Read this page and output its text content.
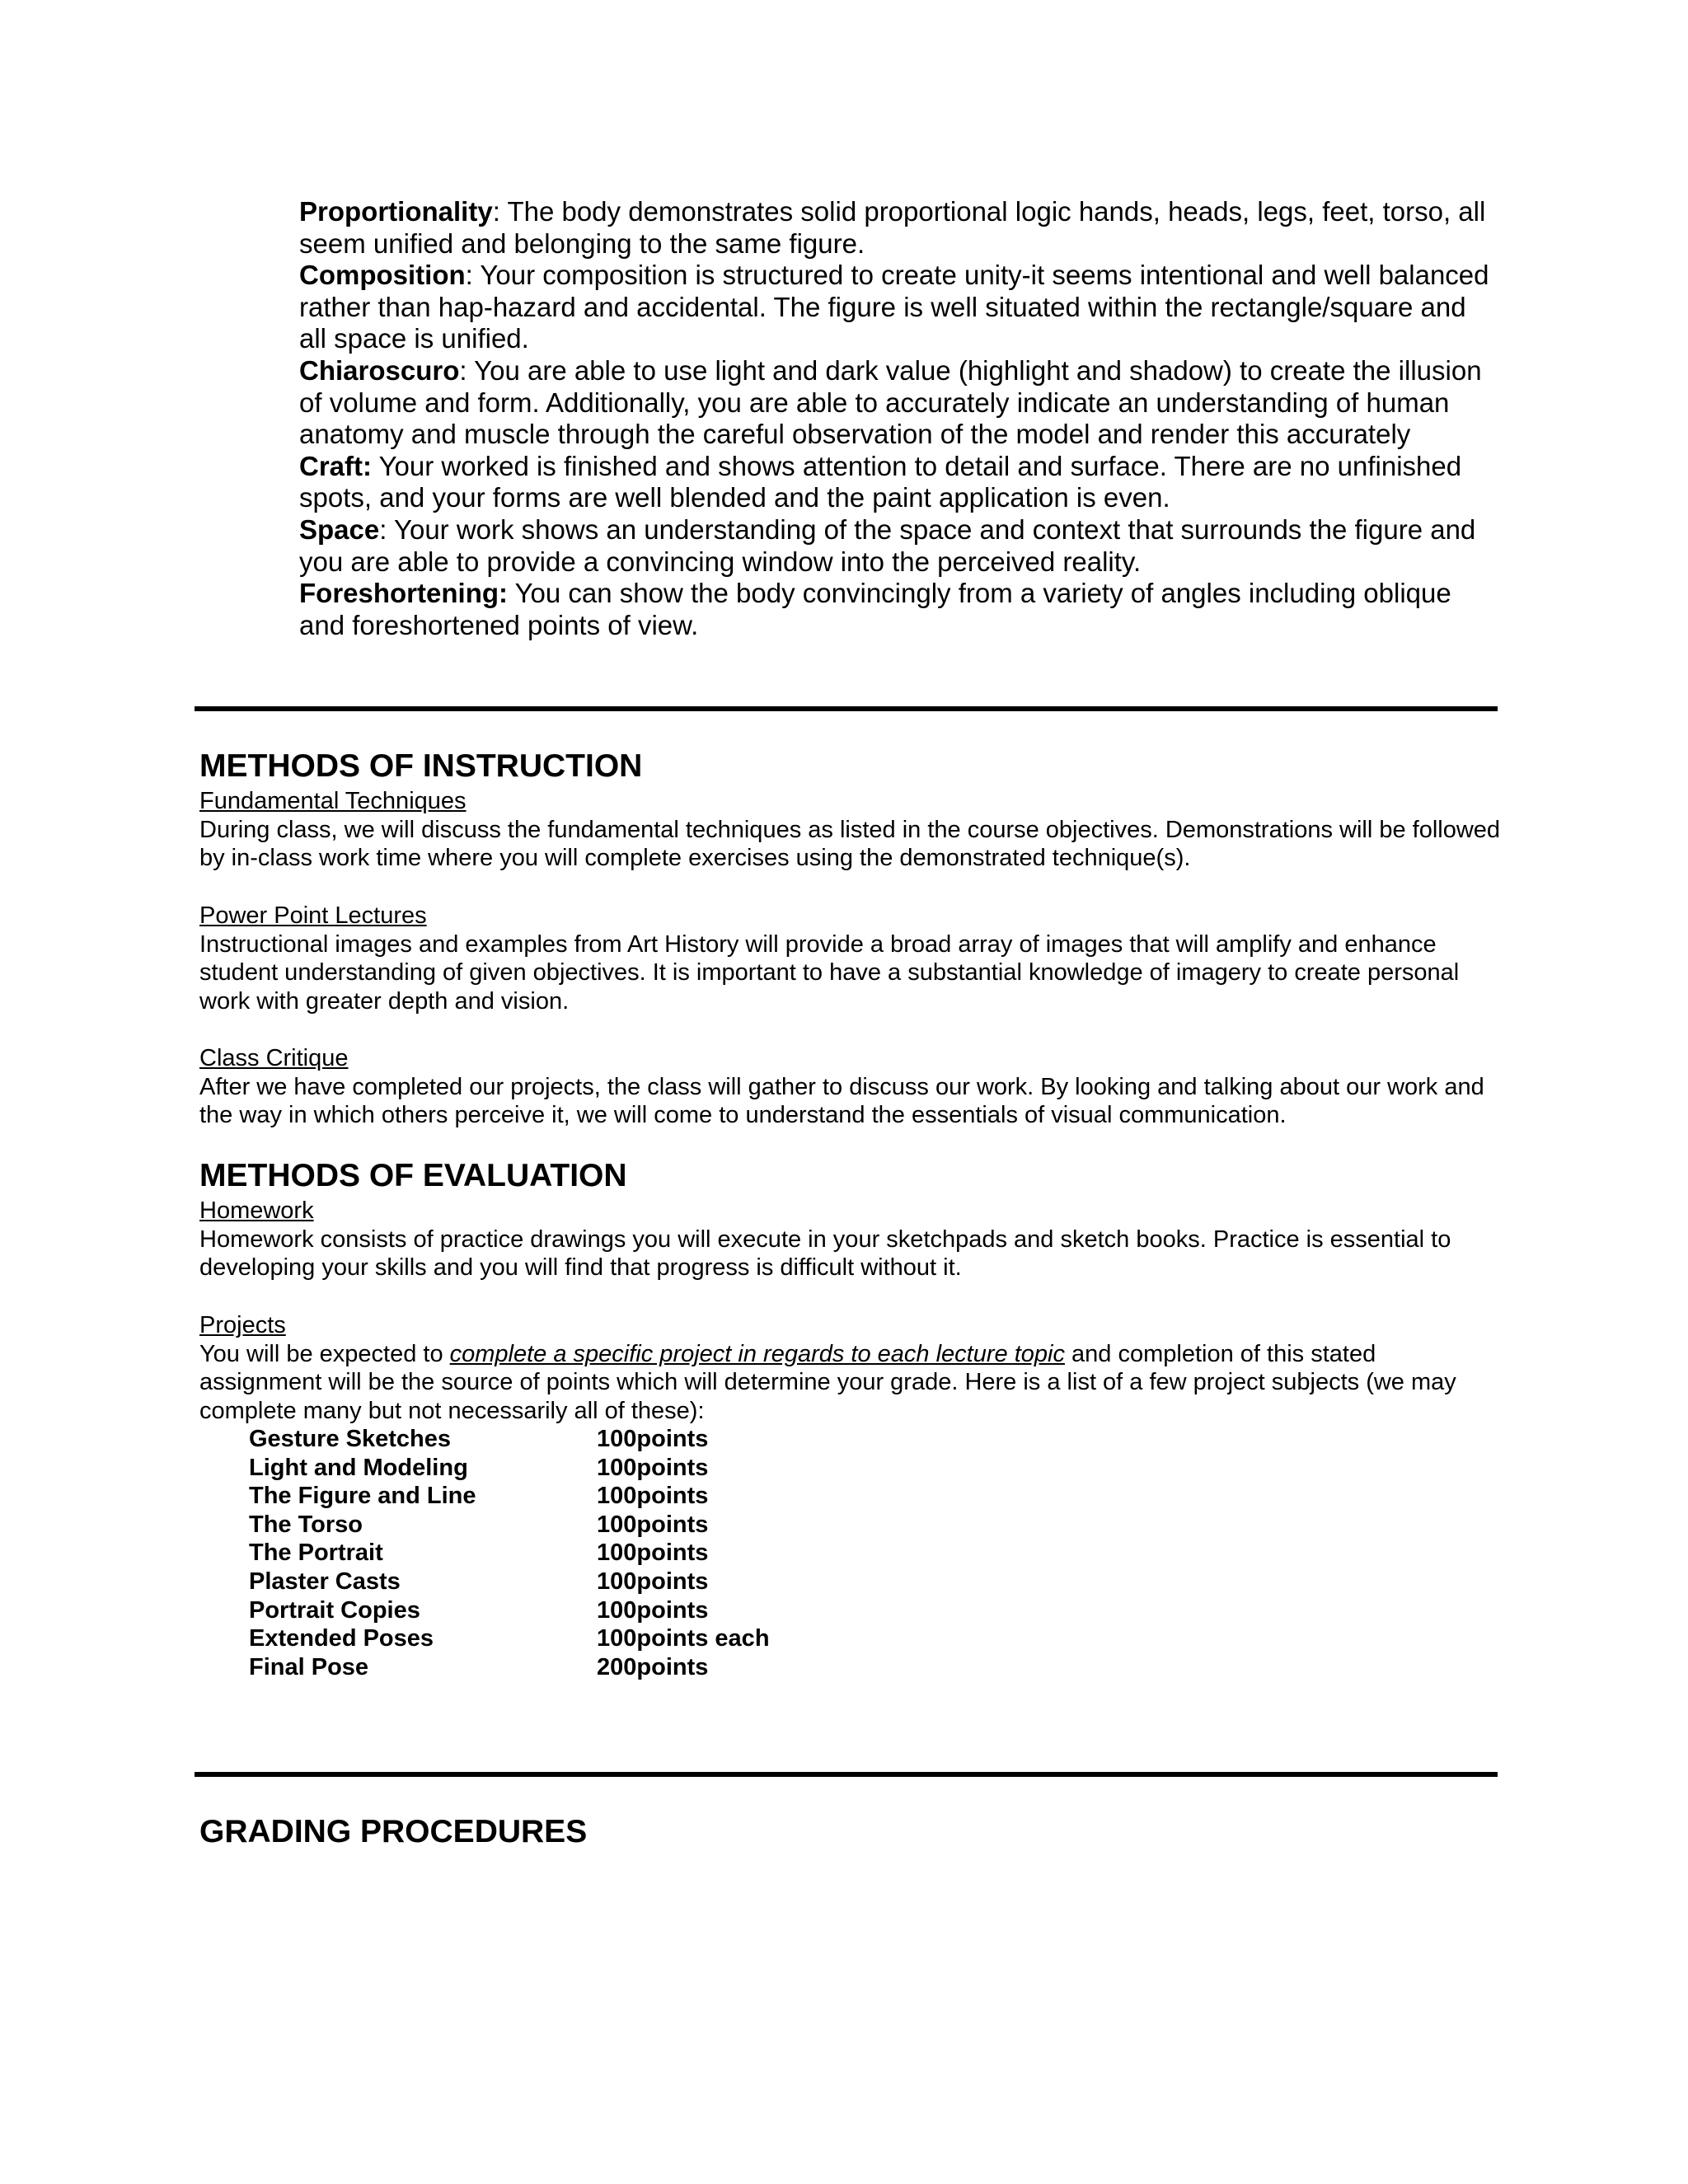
Proportionality: The body demonstrates solid proportional logic hands, heads, legs, feet, torso, all seem unified and belonging to the same figure.

Composition: Your composition is structured to create unity-it seems intentional and well balanced rather than hap-hazard and accidental. The figure is well situated within the rectangle/square and all space is unified.

Chiaroscuro: You are able to use light and dark value (highlight and shadow) to create the illusion of volume and form. Additionally, you are able to accurately indicate an understanding of human anatomy and muscle through the careful observation of the model and render this accurately

Craft: Your worked is finished and shows attention to detail and surface. There are no unfinished spots, and your forms are well blended and the paint application is even.

Space: Your work shows an understanding of the space and context that surrounds the figure and you are able to provide a convincing window into the perceived reality.

Foreshortening: You can show the body convincingly from a variety of angles including oblique and foreshortened points of view.

METHODS OF INSTRUCTION

Fundamental Techniques

During class, we will discuss the fundamental techniques as listed in the course objectives. Demonstrations will be followed by in-class work time where you will complete exercises using the demonstrated technique(s).

Power Point Lectures

Instructional images and examples from Art History will provide a broad array of images that will amplify and enhance student understanding of given objectives. It is important to have a substantial knowledge of imagery to create personal work with greater depth and vision.

Class Critique

After we have completed our projects, the class will gather to discuss our work. By looking and talking about our work and the way in which others perceive it, we will come to understand the essentials of visual communication.

METHODS OF EVALUATION

Homework

Homework consists of practice drawings you will execute in your sketchpads and sketch books. Practice is essential to developing your skills and you will find that progress is difficult without it.

Projects

You will be expected to complete a specific project in regards to each lecture topic and completion of this stated assignment will be the source of points which will determine your grade. Here is a list of a few project subjects (we may complete many but not necessarily all of these):

Gesture Sketches	100points
Light and Modeling	100points
The Figure and Line	100points
The Torso	100points
The Portrait	100points
Plaster Casts	100points
Portrait Copies	100points
Extended Poses	100points each
Final Pose	200points
GRADING PROCEDURES
